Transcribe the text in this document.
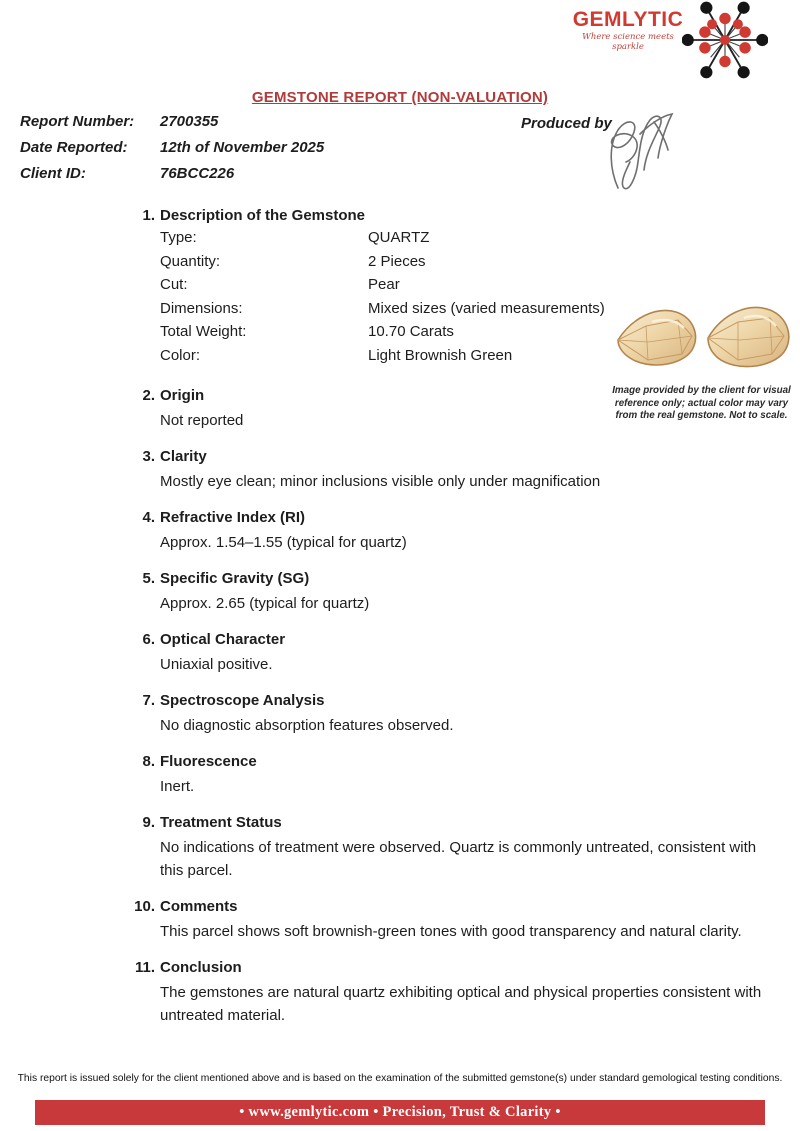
GEMLYTIC
Where science meets sparkle
GEMSTONE REPORT (NON-VALUATION)
Report Number: 2700355
Date Reported: 12th of November 2025
Client ID:	76BCC226
Produced by
1. Description of the Gemstone
Type:	QUARTZ
Quantity:	2 Pieces
Cut:	Pear
Dimensions:	Mixed sizes (varied measurements)
Total Weight:	10.70 Carats
Color:	Light Brownish Green
2. Origin
Not reported
3. Clarity
Mostly eye clean; minor inclusions visible only under magnification
4. Refractive Index (RI)
Approx. 1.54–1.55 (typical for quartz)
5. Specific Gravity (SG)
Approx. 2.65 (typical for quartz)
6. Optical Character
Uniaxial positive.
7. Spectroscope Analysis
No diagnostic absorption features observed.
8. Fluorescence
Inert.
9. Treatment Status
No indications of treatment were observed. Quartz is commonly untreated, consistent with this parcel.
10. Comments
This parcel shows soft brownish-green tones with good transparency and natural clarity.
11. Conclusion
The gemstones are natural quartz exhibiting optical and physical properties consistent with untreated material.
Image provided by the client for visual reference only; actual color may vary from the real gemstone. Not to scale.
This report is issued solely for the client mentioned above and is based on the examination of the submitted gemstone(s) under standard gemological testing conditions.
• www.gemlytic.com • Precision, Trust & Clarity •
